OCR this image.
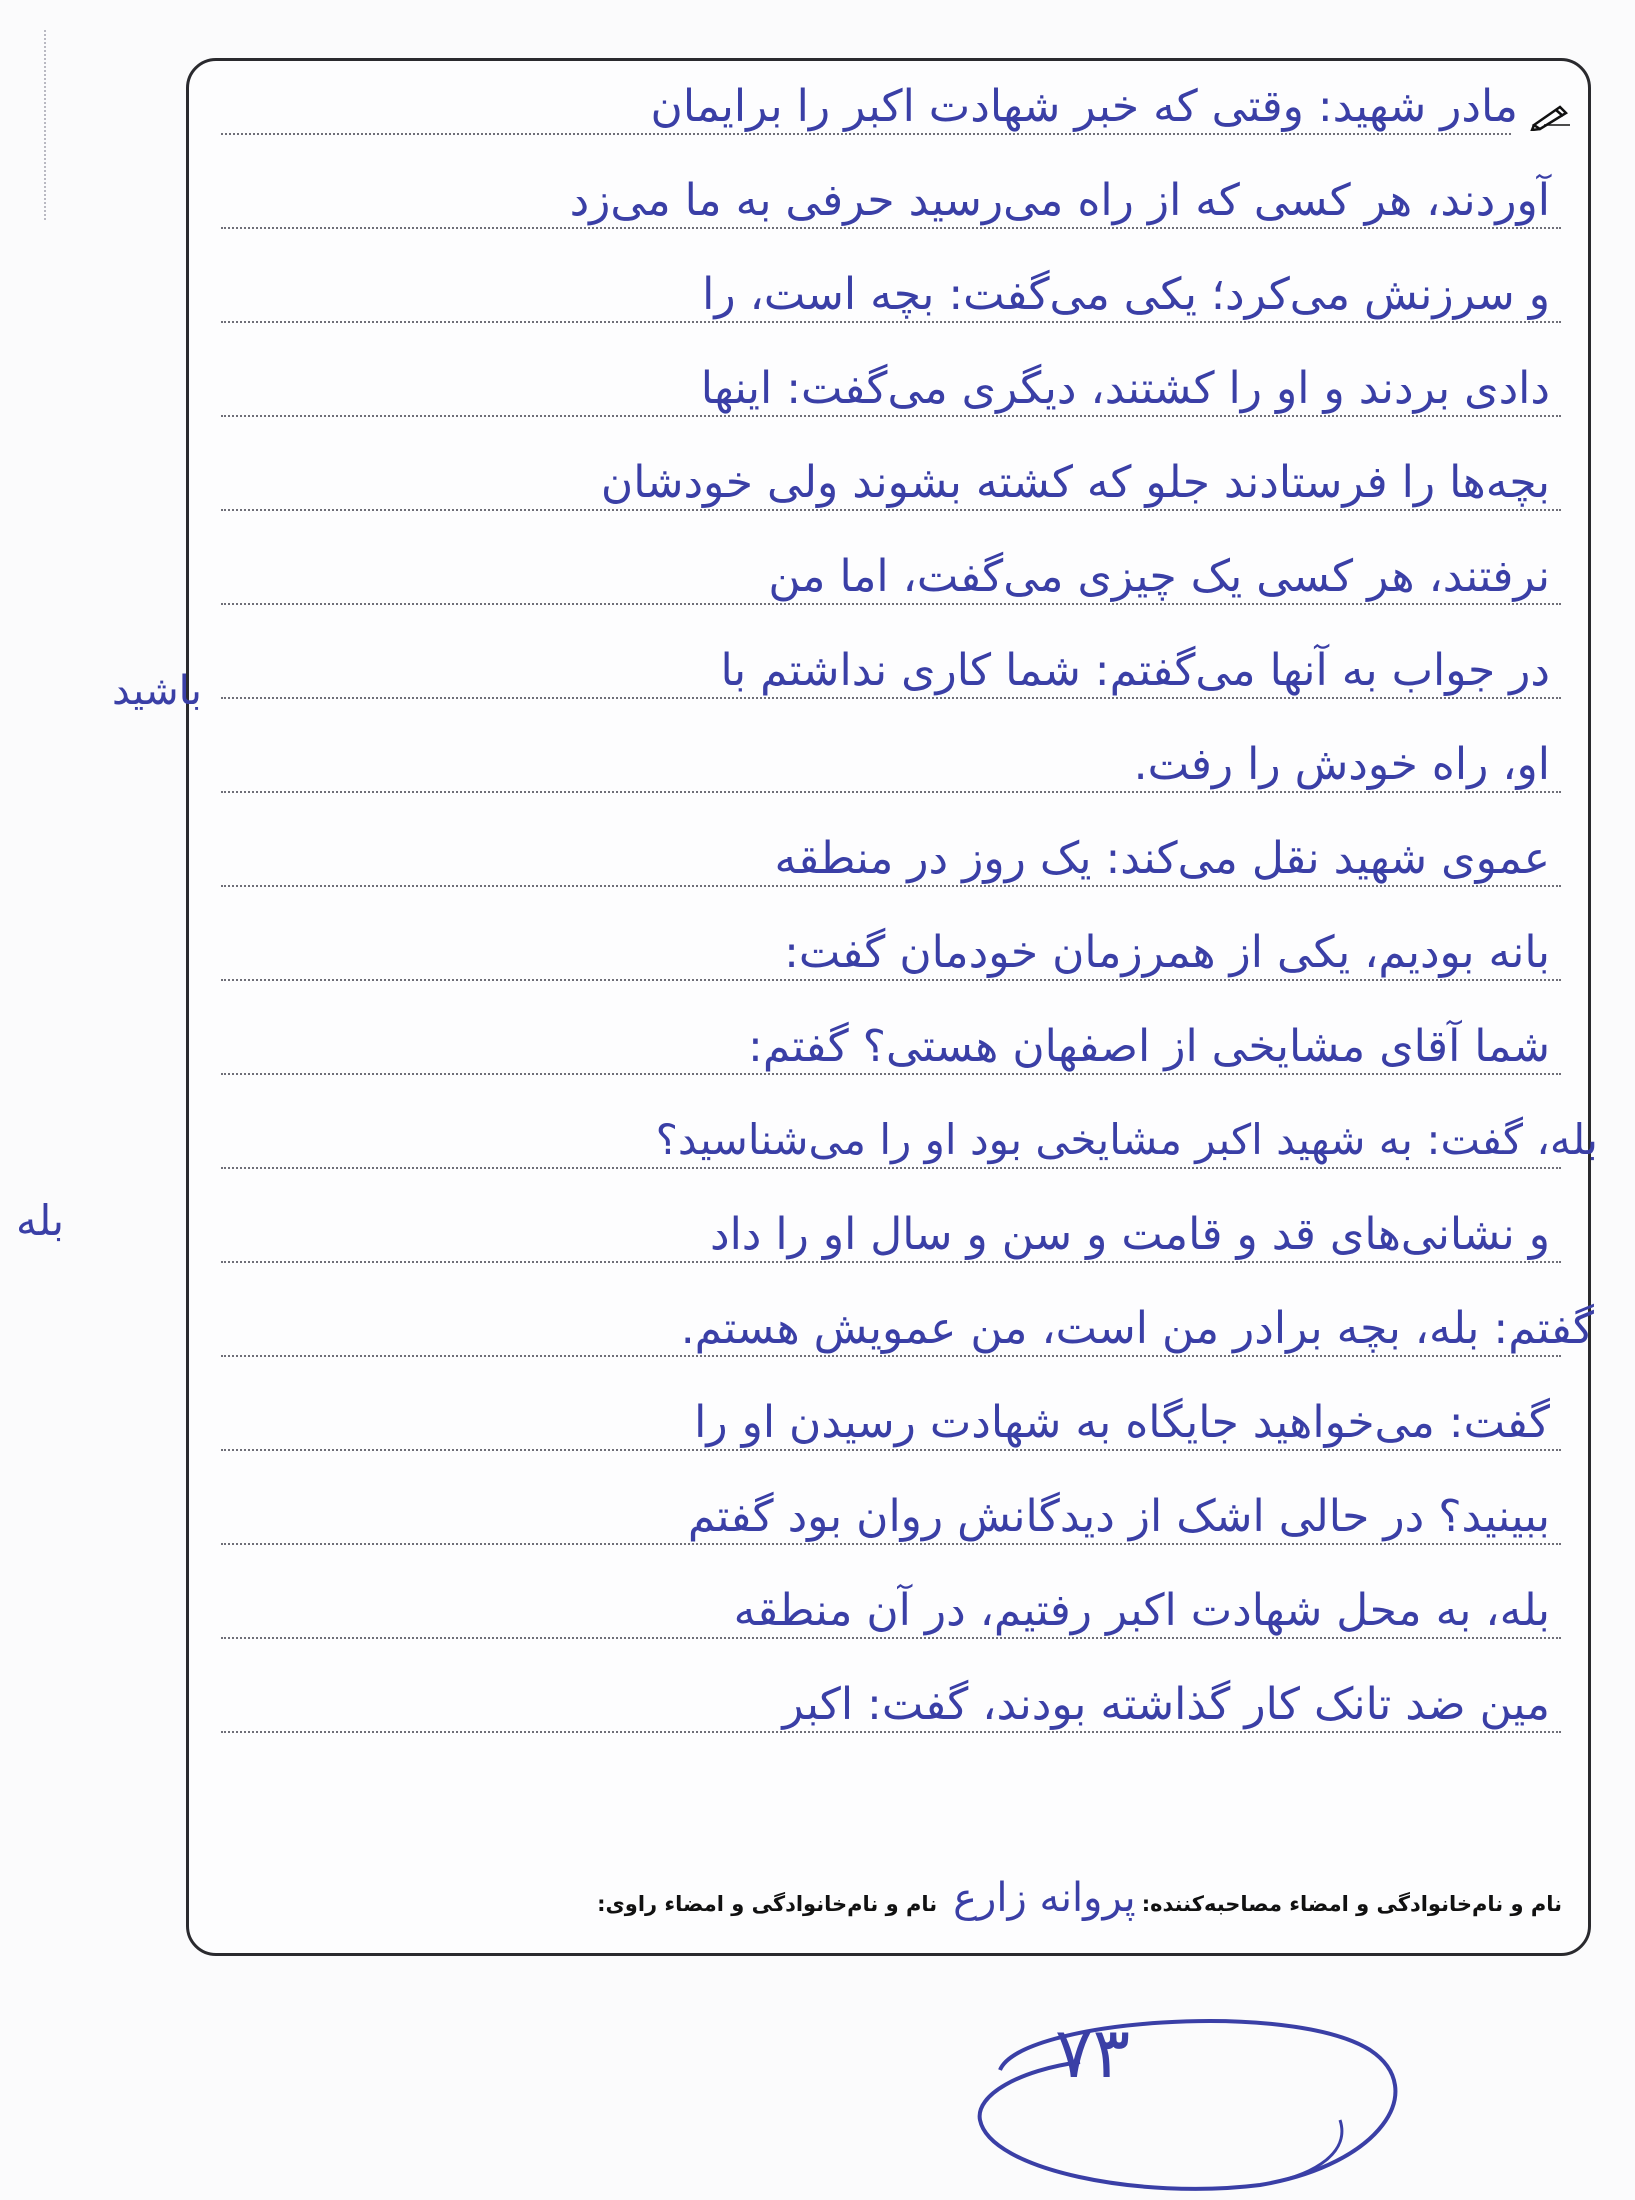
مادر شهید: وقتی که خبر شهادت اکبر را برایمان
آوردند، هر کسی که از راه می‌رسید حرفی به ما می‌زد
و سرزنش می‌کرد؛ یکی می‌گفت: بچه است، را
دادی بردند و او را کشتند، دیگری می‌گفت: اینها
بچه‌ها را فرستادند جلو که کشته بشوند ولی خودشان
نرفتند، هر کسی یک چیزی می‌گفت، اما من
در جواب به آنها می‌گفتم: شما کاری نداشتم با
او، راه خودش را رفت.
عموی شهید نقل می‌کند: یک روز در منطقه
بانه بودیم، یکی از همرزمان خودمان گفت:
شما آقای مشایخی از اصفهان هستی؟ گفتم:
بله، گفت: به شهید اکبر مشایخی بود او را می‌شناسید؟
و نشانی‌های قد و قامت و سن و سال او را داد
گفتم: بله، بچه برادر من است، من عمویش هستم.
گفت: می‌خواهید جایگاه به شهادت رسیدن او را
ببینید؟ در حالی اشک از دیدگانش روان بود گفتم
بله، به محل شهادت اکبر رفتیم، در آن منطقه
مین ضد تانک کار گذاشته بودند، گفت: اکبر
نام و نام‌خانوادگی و امضاء مصاحبه‌کننده:
پروانه زارع
نام و نام‌خانوادگی و امضاء راوی:
باشید
بله
۷۳
